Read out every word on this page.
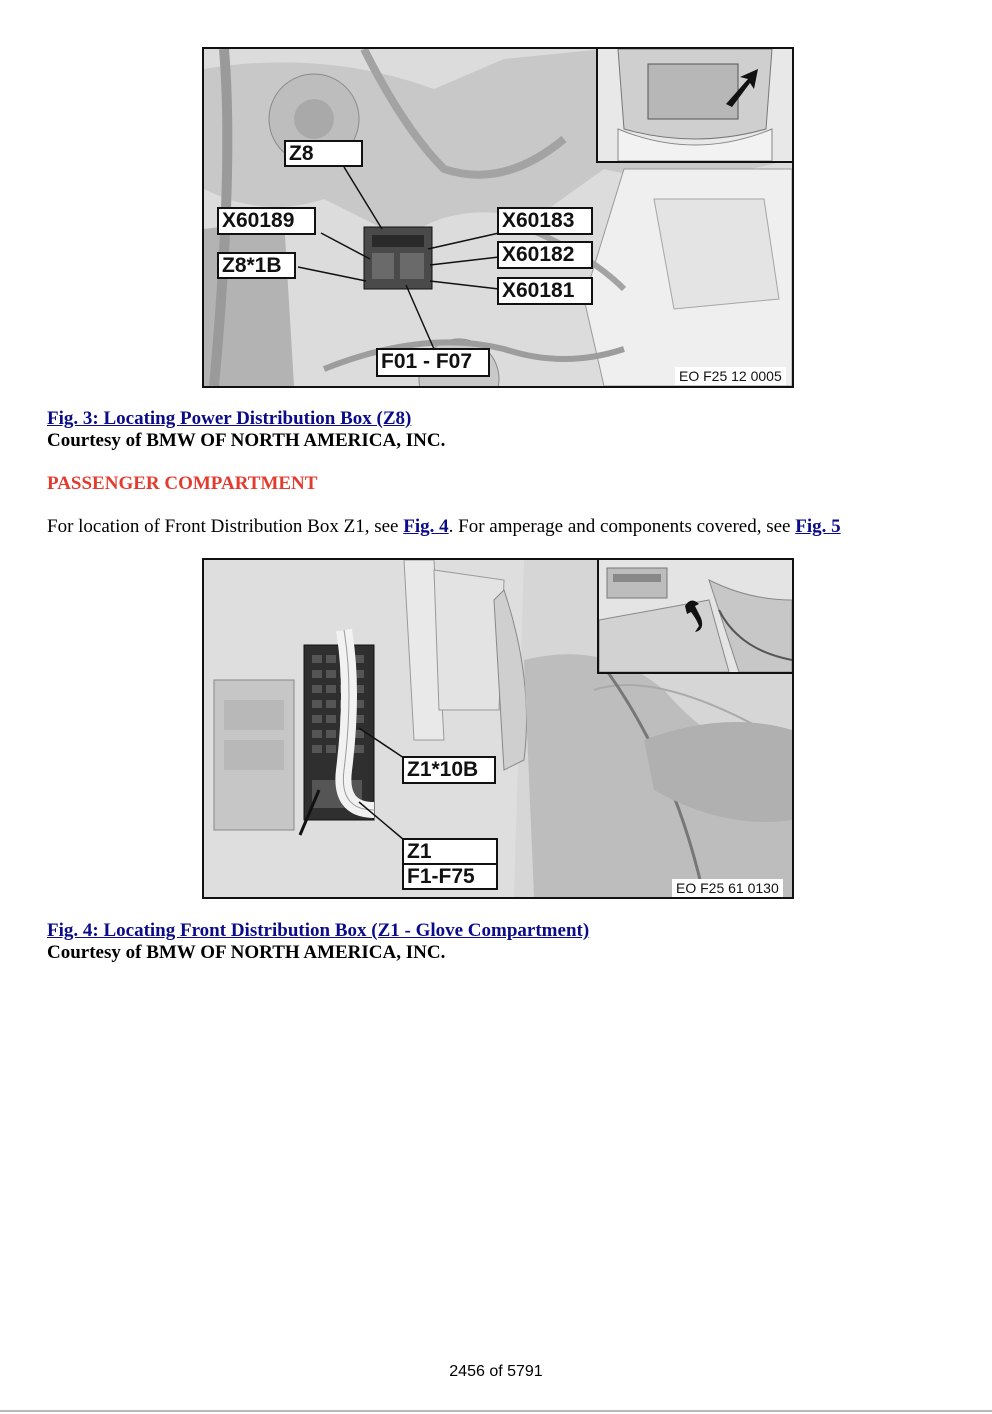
Z8
X60189
Z8*1B
X60183
X60182
X60181
F01 - F07
EO F25 12 0005
Fig. 3: Locating Power Distribution Box (Z8)
Courtesy of BMW OF NORTH AMERICA, INC.
PASSENGER COMPARTMENT
For location of Front Distribution Box Z1, see Fig. 4. For amperage and components covered, see Fig. 5
Z1*10B
Z1
F1-F75	EO F25 61 0130
Fig. 4: Locating Front Distribution Box (Z1 - Glove Compartment)
Courtesy of BMW OF NORTH AMERICA, INC.
2456 of 5791
